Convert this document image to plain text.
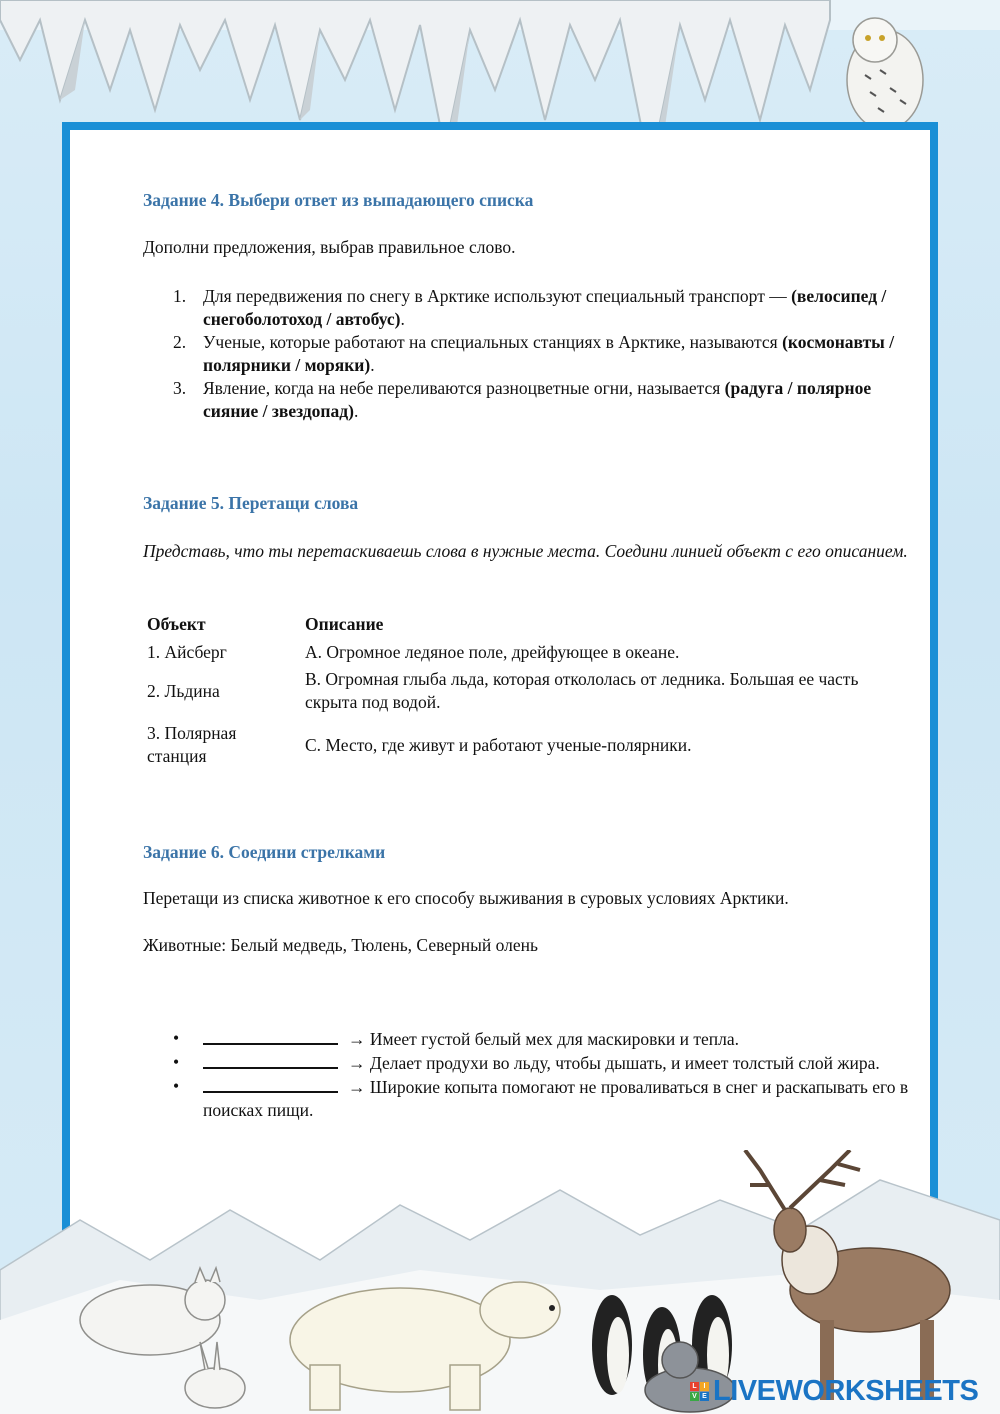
Задание 4. Выбери ответ из выпадающего списка
Дополни предложения, выбрав правильное слово.
1. Для передвижения по снегу в Арктике используют специальный транспорт — (велосипед / снегоболотоход / автобус).
2. Ученые, которые работают на специальных станциях в Арктике, называются (космонавты / полярники / моряки).
3. Явление, когда на небе переливаются разноцветные огни, называется (радуга / полярное сияние / звездопад).
Задание 5. Перетащи слова
Представь, что ты перетаскиваешь слова в нужные места. Соедини линией объект с его описанием.
Объект	Описание
1. Айсберг	A. Огромное ледяное поле, дрейфующее в океане.
2. Льдина	B. Огромная глыба льда, которая откололась от ледника. Большая ее часть скрыта под водой.
3. Полярная станция	C. Место, где живут и работают ученые-полярники.
Задание 6. Соедини стрелками
Перетащи из списка животное к его способу выживания в суровых условиях Арктики.
Животные: Белый медведь, Тюлень, Северный олень
•	→ Имеет густой белый мех для маскировки и тепла.
•	→ Делает продухи во льду, чтобы дышать, и имеет толстый слой жира.
•	→ Широкие копыта помогают не проваливаться в снег и раскапывать его в поисках пищи.
L I
V E LIVEWORKSHEETS
